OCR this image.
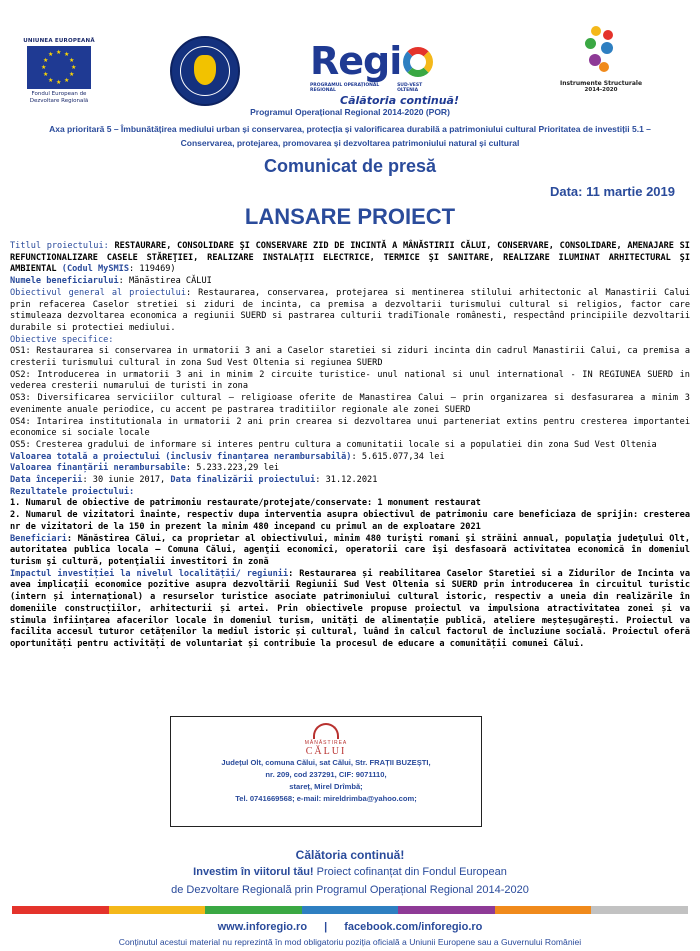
UNIUNEA EUROPEANĂ
★ ★
★
★
★
★
★
★
★
★
★
★
Fondul European de
Dezvoltare Regională
Regi
PROGRAMUL OPERAȚIONAL REGIONAL
SUD-VEST OLTENIA
Călătoria continuă!
Instrumente Structurale
2014-2020
Programul Operațional Regional 2014-2020 (POR)
Axa prioritară 5 – Îmbunătățirea mediului urban și conservarea, protecția și valorificarea durabilă a patrimoniului cultural Prioritatea de investiții 5.1 – Conservarea, protejarea, promovarea și dezvoltarea patrimoniului natural și cultural
Comunicat de presă
Data: 11 martie 2019
LANSARE PROIECT

Titlul proiectului: RESTAURARE, CONSOLIDARE ŞI CONSERVARE ZID DE INCINTĂ A MÂNĂSTIRII CĂLUI, CONSERVARE, CONSOLIDARE, AMENAJARE SI REFUNCTIONALIZARE CASELE STĂREŢIEI, REALIZARE INSTALAŢII ELECTRICE, TERMICE ŞI SANITARE, REALIZARE ILUMINAT ARHITECTURAL ŞI AMBIENTAL (Codul MySMIS: 119469)

Numele beneficiarului: Mănăstirea CĂLUI

Obiectivul general al proiectului: Restaurarea, conservarea, protejarea si mentinerea stilului arhitectonic al Manastirii Calui prin refacerea Caselor stretiei si ziduri de incinta, ca premisa a dezvoltarii turismului cultural si religios, factor care stimuleaza dezvoltarea economica a regiunii SUERD si pastrarea culturii tradiTionale românesti, respectând principiile dezvoltarii durabile si protectiei mediului.

Obiective specifice:

OS1: Restaurarea si conservarea in urmatorii 3 ani a Caselor staretiei si ziduri incinta din cadrul Manastirii Calui, ca premisa a cresterii turismului cultural in zona Sud Vest Oltenia si regiunea SUERD

OS2: Introducerea in urmatorii 3 ani in minim 2 circuite turistice- unul national si unul international - IN REGIUNEA SUERD in vederea cresterii numarului de turisti in zona

OS3: Diversificarea serviciilor cultural – religioase oferite de Manastirea Calui – prin organizarea si desfasurarea a minim 3 evenimente anuale periodice, cu accent pe pastrarea traditiilor regionale ale zonei SUERD

OS4: Intarirea institutionala in urmatorii 2 ani prin crearea si dezvoltarea unui parteneriat extins pentru cresterea importantei economice si sociale locale

OS5: Cresterea gradului de informare si interes pentru cultura a comunitatii locale si a populatiei din zona Sud Vest Oltenia

Valoarea totală a proiectului (inclusiv finanțarea nerambursabilă): 5.615.077,34 lei

Valoarea finanțării nerambursabile: 5.233.223,29 lei

Data începerii: 30 iunie 2017, Data finalizării proiectului: 31.12.2021

Rezultatele proiectului:

1. Numarul de obiective de patrimoniu restaurate/protejate/conservate: 1 monument restaurat

2. Numarul de vizitatori înainte, respectiv dupa interventia asupra obiectivul de patrimoniu care beneficiaza de sprijin: cresterea nr de vizitatori de la 150 in prezent la minim 480 incepand cu primul an de exploatare 2021

Beneficiari: Mănăstirea Călui, ca proprietar al obiectivului, minim 480 turişti romani şi străini annual, populaţia judeţului Olt, autoritatea publica locala – Comuna Călui, agenţii economici, operatorii care îşi desfasoară activitatea economică în domeniul turism şi cultură, potenţialii investitori în zonă

Impactul investiției la nivelul localității/ regiunii: Restaurarea și reabilitarea Caselor Staretiei si a Zidurilor de Incinta va avea implicații economice pozitive asupra dezvoltării Regiunii Sud Vest Oltenia si SUERD prin introducerea în circuitul turistic (intern și internațional) a resurselor turistice asociate patrimoniului cultural istoric, respectiv a uneia din realizările în domeniile construcțiilor, arhitecturii și artei. Prin obiectivele propuse proiectul va impulsiona atractivitatea zonei și va stimula înființarea afacerilor locale în domeniul turism, unități de alimentație publică, ateliere meșteșugărești. Proiectul va facilita accesul tuturor cetățenilor la mediul istoric și cultural, luând în calcul factorul de incluziune socială. Proiectul oferă oportunități pentru activități de voluntariat și contribuie la procesul de educare a comunității comunei Călui.

MĂNĂSTIREA
CĂLUI
Județul Olt, comuna Călui, sat Călui, Str. FRAȚII BUZEȘTI,
nr. 209, cod 237291, CIF: 9071110,
stareț, Mirel Drîmbă;
Tel. 0741669568; e-mail: mireldrimba@yahoo.com;
Călătoria continuă!
Investim în viitorul tău! Proiect cofinanțat din Fondul European
de Dezvoltare Regională prin Programul Operațional Regional 2014-2020
www.inforegio.ro | facebook.com/inforegio.ro
Conținutul acestui material nu reprezintă în mod obligatoriu poziția oficială a Uniunii Europene sau a Guvernului României
